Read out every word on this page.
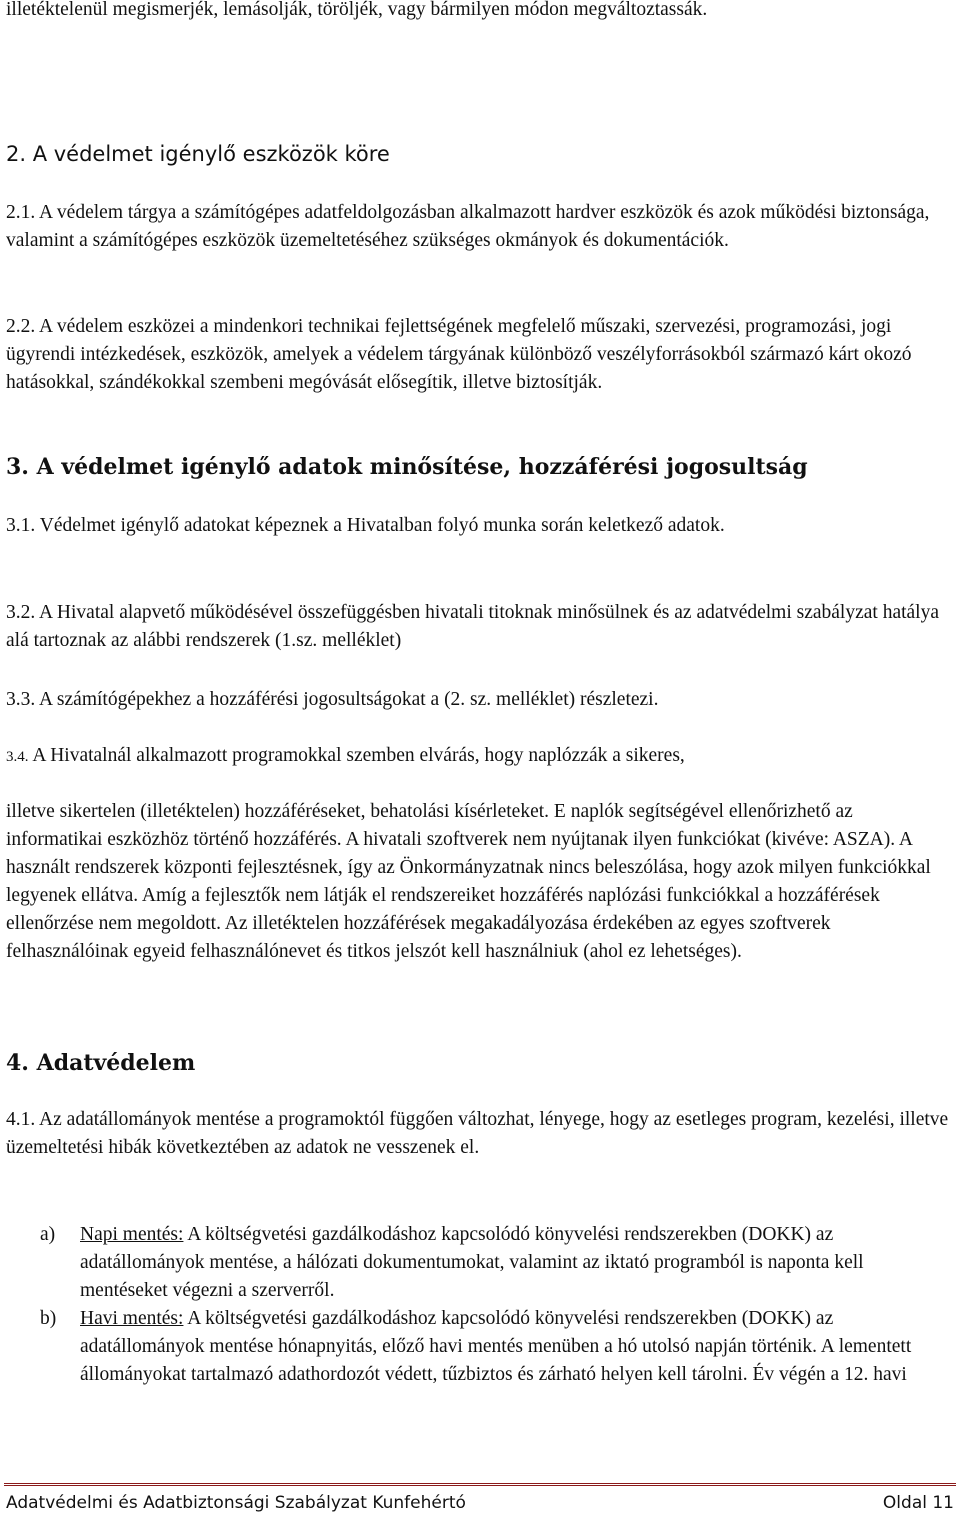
illetéktelenül megismerjék, lemásolják, töröljék, vagy bármilyen módon megváltoztassák.

2. A védelmet igénylő eszközök köre

2.1. A védelem tárgya a számítógépes adatfeldolgozásban alkalmazott hardver eszközök és azok működési biztonsága, valamint a számítógépes eszközök üzemeltetéséhez szükséges okmányok és dokumentációk.

2.2. A védelem eszközei a mindenkori technikai fejlettségének megfelelő műszaki, szervezési, programozási, jogi ügyrendi intézkedések, eszközök, amelyek a védelem tárgyának különböző veszélyforrásokból származó kárt okozó hatásokkal, szándékokkal szembeni megóvását elősegítik, illetve biztosítják.

3. A védelmet igénylő adatok minősítése, hozzáférési jogosultság

3.1. Védelmet igénylő adatokat képeznek a Hivatalban folyó munka során keletkező adatok.

3.2. A Hivatal alapvető működésével összefüggésben hivatali titoknak minősülnek és az adatvédelmi szabályzat hatálya alá tartoznak az alábbi rendszerek (1.sz. melléklet)

3.3. A számítógépekhez a hozzáférési jogosultságokat a (2. sz. melléklet) részletezi.

3.4. A Hivatalnál alkalmazott programokkal szemben elvárás, hogy naplózzák a sikeres,

illetve sikertelen (illetéktelen) hozzáféréseket, behatolási kísérleteket. E naplók segítségével ellenőrizhető az informatikai eszközhöz történő hozzáférés. A hivatali szoftverek nem nyújtanak ilyen funkciókat (kivéve: ASZA). A használt rendszerek központi fejlesztésnek, így az Önkormányzatnak nincs beleszólása, hogy azok milyen funkciókkal legyenek ellátva. Amíg a fejlesztők nem látják el rendszereiket hozzáférés naplózási funkciókkal a hozzáférések ellenőrzése nem megoldott. Az illetéktelen hozzáférések megakadályozása érdekében az egyes szoftverek felhasználóinak egyeid felhasználónevet és titkos jelszót kell használniuk (ahol ez lehetséges).

4. Adatvédelem

4.1. Az adatállományok mentése a programoktól függően változhat, lényege, hogy az esetleges program, kezelési, illetve üzemeltetési hibák következtében az adatok ne vesszenek el.

a) Napi mentés: A költségvetési gazdálkodáshoz kapcsolódó könyvelési rendszerekben (DOKK) az adatállományok mentése, a hálózati dokumentumokat, valamint az iktató programból is naponta kell mentéseket végezni a szerverről.
b) Havi mentés: A költségvetési gazdálkodáshoz kapcsolódó könyvelési rendszerekben (DOKK) az adatállományok mentése hónapnyitás, előző havi mentés menüben a hó utolsó napján történik. A lementett állományokat tartalmazó adathordozót védett, tűzbiztos és zárható helyen kell tárolni. Év végén a 12. havi
Adatvédelmi és Adatbiztonsági Szabályzat Kunfehértó	Oldal 11
